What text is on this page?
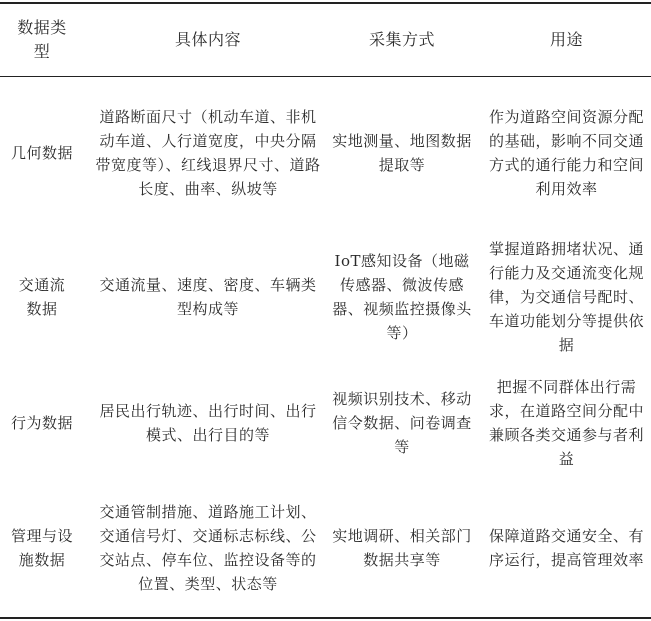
数据类型
具体内容	采集方式	用途
几何数据
道路断面尺寸（机动车道、非机动车道、人行道宽度，中央分隔带宽度等）、红线退界尺寸、道路长度、曲率、纵坡等
实地测量、地图数据提取等
作为道路空间资源分配的基础，影响不同交通方式的通行能力和空间利用效率
交通流数据
交通流量、速度、密度、车辆类型构成等
IoT感知设备（地磁传感器、微波传感器、视频监控摄像头等）
掌握道路拥堵状况、通行能力及交通流变化规律，为交通信号配时、车道功能划分等提供依据
行为数据
居民出行轨迹、出行时间、出行模式、出行目的等
视频识别技术、移动信令数据、问卷调查等
把握不同群体出行需求，在道路空间分配中兼顾各类交通参与者利益
管理与设施数据
交通管制措施、道路施工计划、交通信号灯、交通标志标线、公交站点、停车位、监控设备等的位置、类型、状态等
实地调研、相关部门数据共享等
保障道路交通安全、有序运行，提高管理效率
